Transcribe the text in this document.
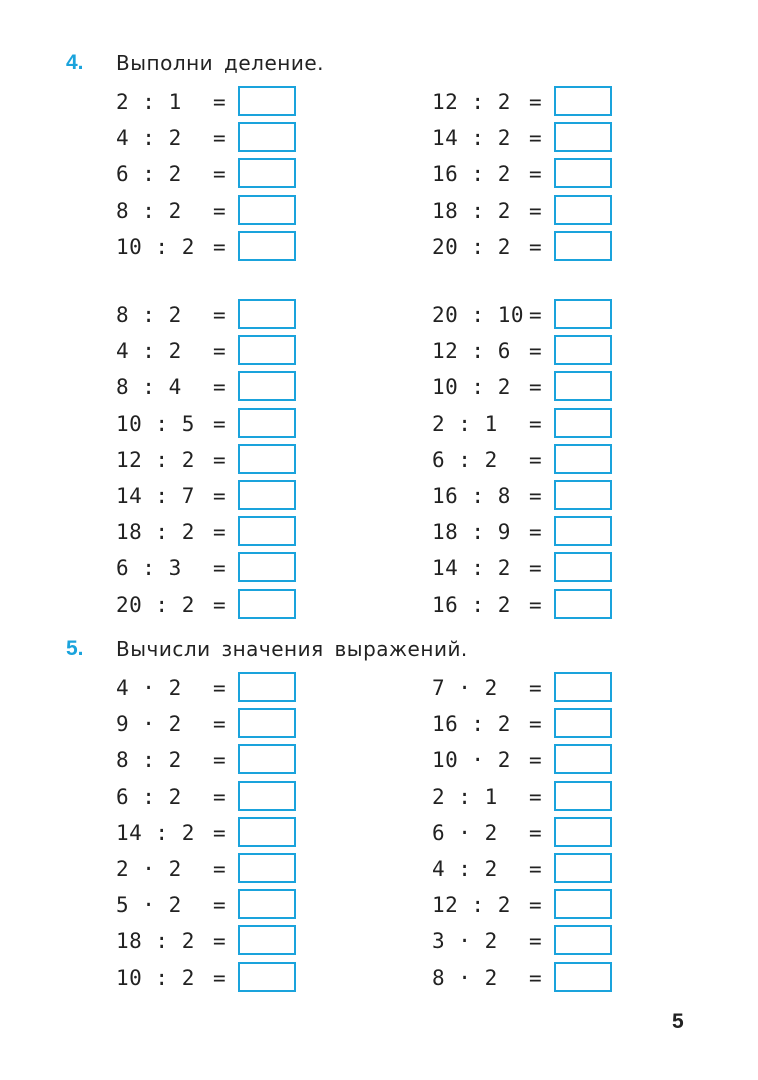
4.	Выполни деление.
2 : 1 =
4 : 2 =
6 : 2 =
8 : 2 =
10 : 2 =
12 : 2 =
14 : 2 =
16 : 2 =
18 : 2 =
20 : 2 =
8 : 2 =
4 : 2 =
8 : 4 =
10 : 5 =
12 : 2 =
14 : 7 =
18 : 2 =
6 : 3 =
20 : 2 =
20 : 10 =
12 : 6 =
10 : 2 =
2 : 1 =
6 : 2 =
16 : 8 =
18 : 9 =
14 : 2 =
16 : 2 =
5.	Вычисли значения выражений.
4 · 2 =
9 · 2 =
8 : 2 =
6 : 2 =
14 : 2 =
2 · 2 =
5 · 2 =
18 : 2 =
10 : 2 =
7 · 2 =
16 : 2 =
10 · 2 =
2 : 1 =
6 · 2 =
4 : 2 =
12 : 2 =
3 · 2 =
8 · 2 =
5
